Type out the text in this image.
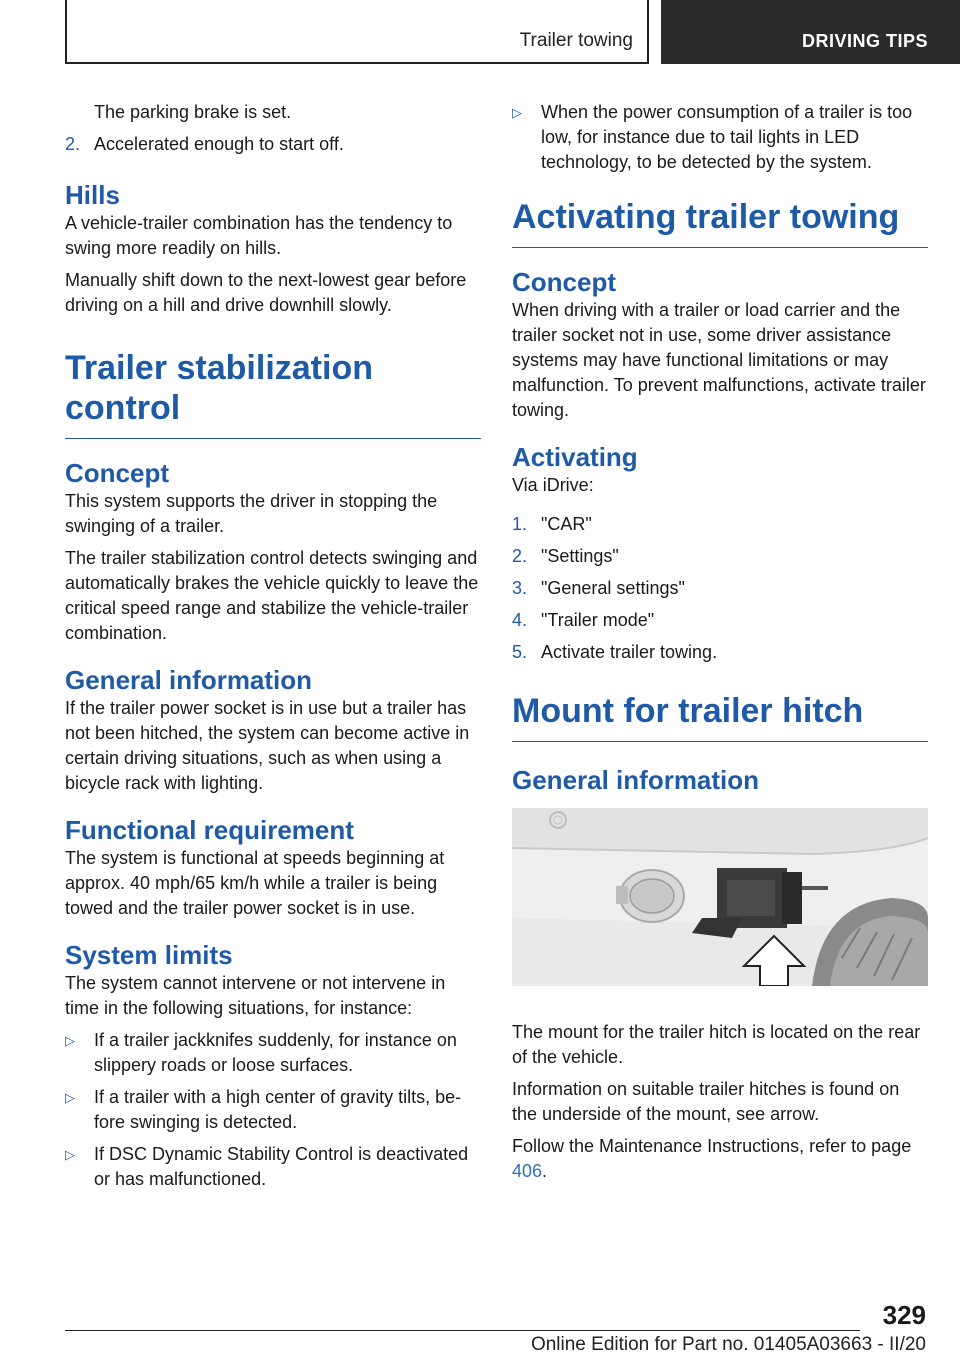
Trailer towing	DRIVING TIPS

The parking brake is set.

2. Accelerated enough to start off.
Hills

A vehicle-trailer combination has the tendency to swing more readily on hills.

Manually shift down to the next-lowest gear before driving on a hill and drive downhill slowly.

Trailer stabilization control
Concept

This system supports the driver in stopping the swinging of a trailer.

The trailer stabilization control detects swinging and automatically brakes the vehicle quickly to leave the critical speed range and stabilize the vehicle-trailer combination.

General information

If the trailer power socket is in use but a trailer has not been hitched, the system can become active in certain driving situations, such as when using a bicycle rack with lighting.

Functional requirement

The system is functional at speeds beginning at approx. 40 mph/65 km/h while a trailer is being towed and the trailer power socket is in use.

System limits

The system cannot intervene or not intervene in time in the following situations, for instance:

▷ If a trailer jackknifes suddenly, for instance on slippery roads or loose surfaces.
▷ If a trailer with a high center of gravity tilts, before swinging is detected.
▷ If DSC Dynamic Stability Control is deactivated or has malfunctioned.
▷ When the power consumption of a trailer is too low, for instance due to tail lights in LED technology, to be detected by the system.
Activating trailer towing
Concept

When driving with a trailer or load carrier and the trailer socket not in use, some driver assistance systems may have functional limitations or may malfunction. To prevent malfunctions, activate trailer towing.

Activating

Via iDrive:

1. "CAR"
2. "Settings"
3. "General settings"
4. "Trailer mode"
5. Activate trailer towing.
Mount for trailer hitch
General information

The mount for the trailer hitch is located on the rear of the vehicle.

Information on suitable trailer hitches is found on the underside of the mount, see arrow.

Follow the Maintenance Instructions, refer to page 406.

329
Online Edition for Part no. 01405A03663 - II/20
